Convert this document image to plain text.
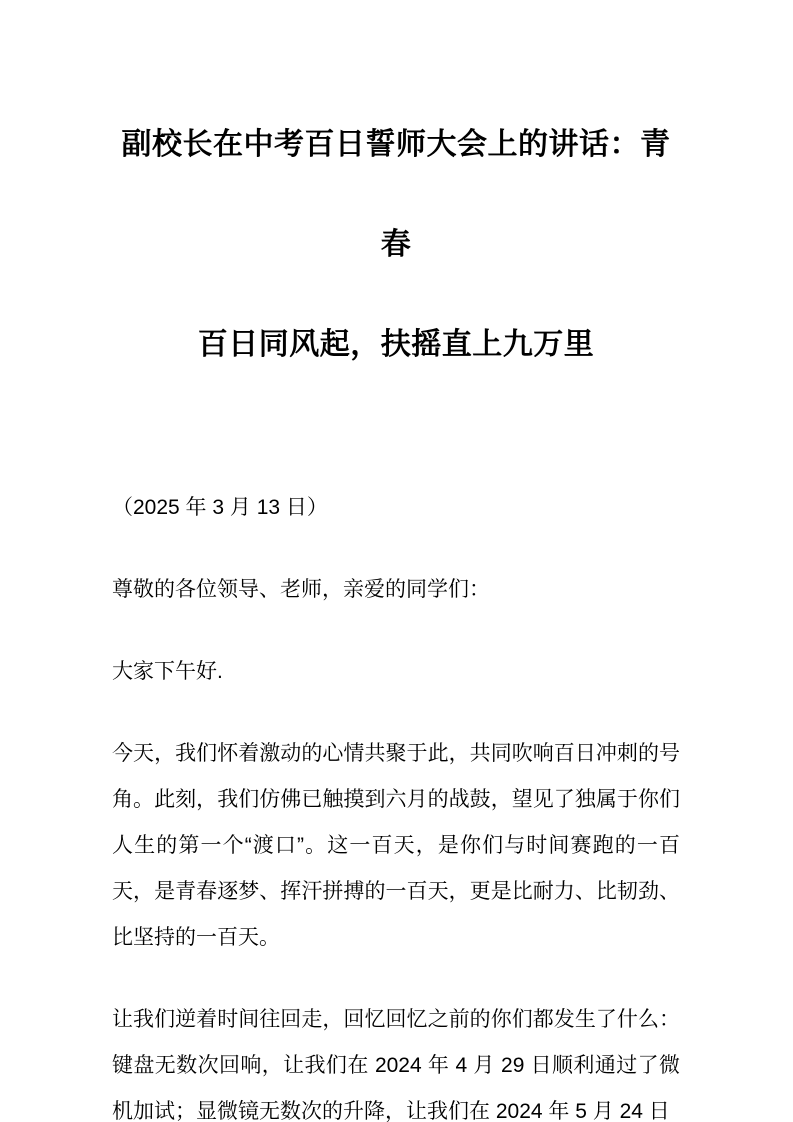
副校长在中考百日誓师大会上的讲话：青春
百日同风起，扶摇直上九万里

（2025 年 3 月 13 日）

尊敬的各位领导、老师，亲爱的同学们：

大家下午好.

今天，我们怀着激动的心情共聚于此，共同吹响百日冲刺的号角。此刻，我们仿佛已触摸到六月的战鼓，望见了独属于你们人生的第一个“渡口”。这一百天，是你们与时间赛跑的一百天，是青春逐梦、挥汗拼搏的一百天，更是比耐力、比韧劲、比坚持的一百天。

让我们逆着时间往回走，回忆回忆之前的你们都发生了什么：键盘无数次回响，让我们在 2024 年 4 月 29 日顺利通过了微机加试；显微镜无数次的升降，让我们在 2024 年 5 月 24 日
